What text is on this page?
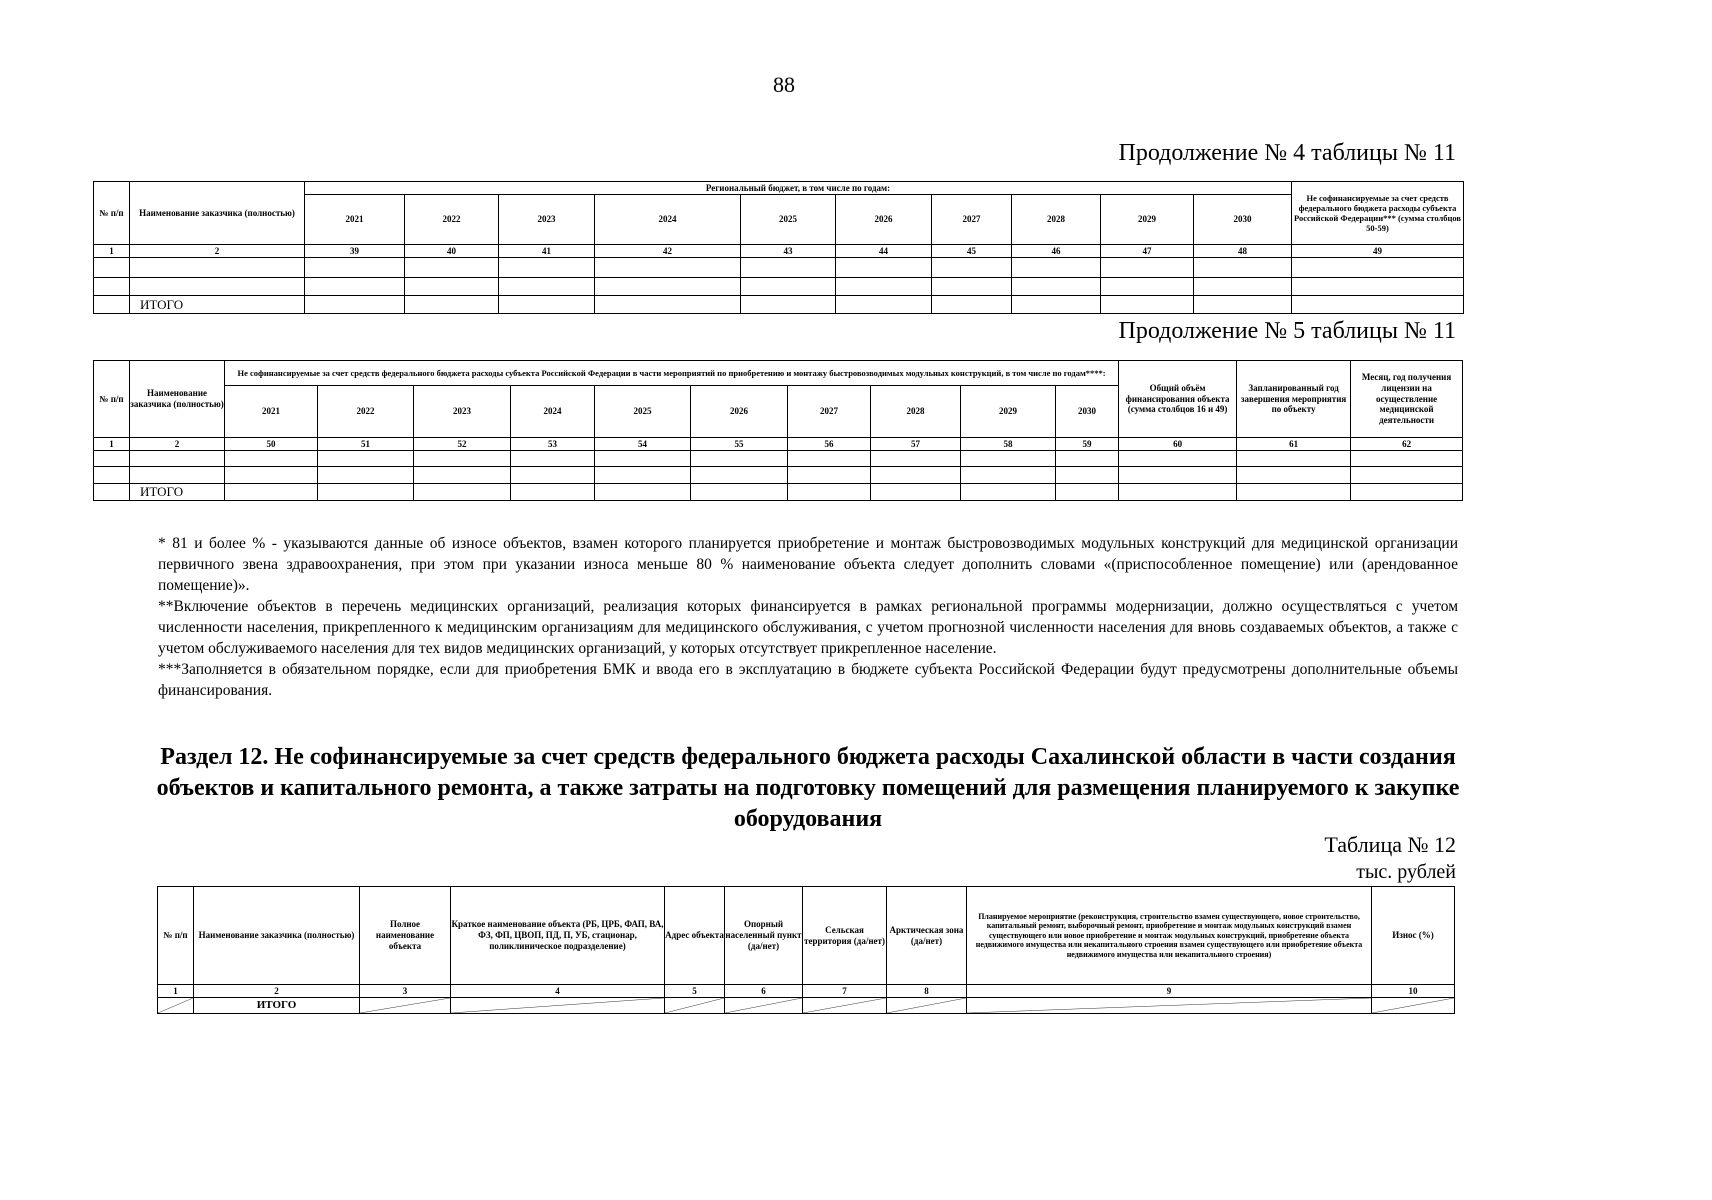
88
Продолжение № 4 таблицы № 11
№ п/п	Наименование заказчика (полностью)	Региональный бюджет, в том числе по годам:										Не софинансируемые за счет средств федерального бюджета расходы субъекта Российской Федерации*** (сумма столбцов 50-59)
		2021	2022	2023	2024	2025	2026	2027	2028	2029	2030	
1	2	39	40	41	42	43	44	45	46	47	48	49

	ИТОГО											
Продолжение № 5 таблицы № 11
№ п/п	Наименование заказчика (полностью)	Не софинансируемые за счет средств федерального бюджета расходы субъекта Российской Федерации в части мероприятий по приобретению и монтажу быстровозводимых модульных конструкций, в том числе по годам****:										Общий объём финансирования объекта (сумма столбцов 16 и 49)	Запланированный год завершения мероприятия по объекту	Месяц, год получения лицензии на осуществление медицинской деятельности
		2021	2022	2023	2024	2025	2026	2027	2028	2029	2030			
1	2	50	51	52	53	54	55	56	57	58	59	60	61	62

	ИТОГО													

* 81 и более % - указываются данные об износе объектов, взамен которого планируется приобретение и монтаж быстровозводимых модульных конструкций для медицинской организации первичного звена здравоохранения, при этом при указании износа меньше 80 % наименование объекта следует дополнить словами «(приспособленное помещение) или (арендованное помещение)».

**Включение объектов в перечень медицинских организаций, реализация которых финансируется в рамках региональной программы модернизации, должно осуществляться с учетом численности населения, прикрепленного к медицинским организациям для медицинского обслуживания, с учетом прогнозной численности населения для вновь создаваемых объектов, а также с учетом обслуживаемого населения для тех видов медицинских организаций, у которых отсутствует прикрепленное население.

***Заполняется в обязательном порядке, если для приобретения БМК и ввода его в эксплуатацию в бюджете субъекта Российской Федерации будут предусмотрены дополнительные объемы финансирования.

Раздел 12. Не софинансируемые за счет средств федерального бюджета расходы Сахалинской области в части создания объектов и капитального ремонта, а также затраты на подготовку помещений для размещения планируемого к закупке оборудования
Таблица № 12
тыс. рублей
№ п/п	Наименование заказчика (полностью)	Полное наименование объекта	Краткое наименование объекта (РБ, ЦРБ, ФАП, ВА, ФЗ, ФП, ЦВОП, ПД, П, УБ, стационар, поликлиническое подразделение)	Адрес объекта	Опорный населенный пункт (да/нет)	Сельская территория (да/нет)	Арктическая зона (да/нет)	Планируемое мероприятие (реконструкция, строительство взамен существующего, новое строительство, капитальный ремонт, выборочный ремонт, приобретение и монтаж модульных конструкций взамен существующего или новое приобретение и монтаж модульных конструкций, приобретение объекта недвижимого имущества или некапитального строения взамен существующего или приобретение объекта недвижимого имущества или некапитального строения)	Износ (%)
1	2	3	4	5	6	7	8	9	10

	ИТОГО	
